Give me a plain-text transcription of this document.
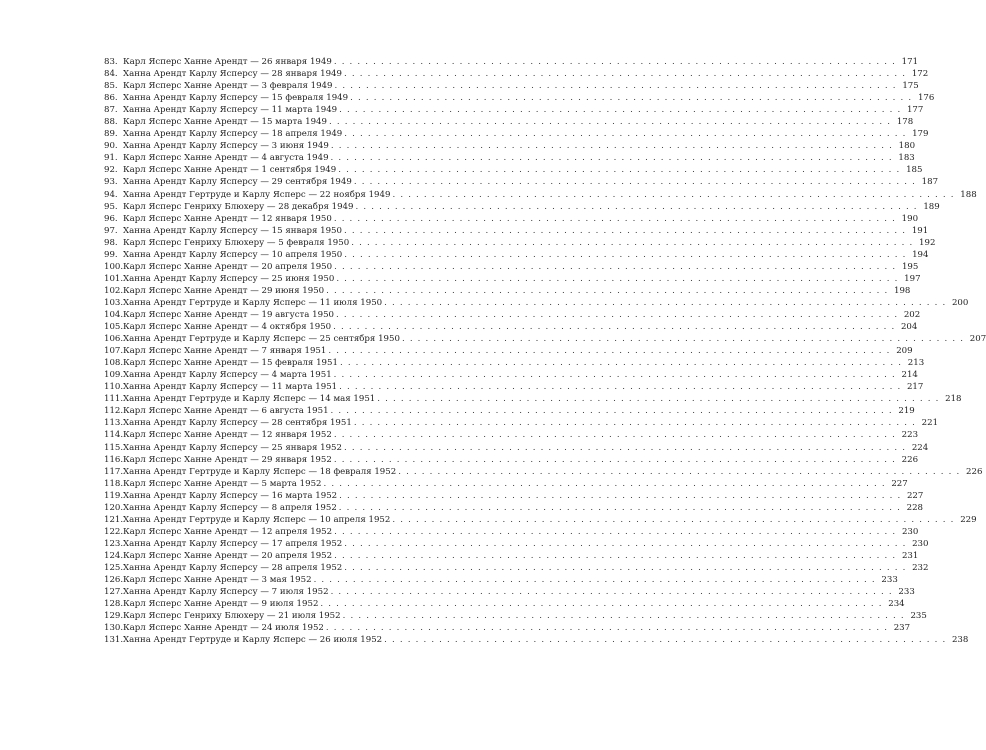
83. Карл Ясперс Ханне Арендт — 26 января 1949 . . .	171
84. Ханна Арендт Карлу Ясперсу — 28 января 1949 . . .	172
85. Карл Ясперс Ханне Арендт — 3 февраля 1949 . . .	175
86. Ханна Арендт Карлу Ясперсу — 15 февраля 1949 . . .	176
87. Ханна Арендт Карлу Ясперсу — 11 марта 1949 . . .	177
88. Карл Ясперс Ханне Арендт — 15 марта 1949 . . .	178
89. Ханна Арендт Карлу Ясперсу — 18 апреля 1949 . . .	179
90. Ханна Арендт Карлу Ясперсу — 3 июня 1949 . . .	180
91. Карл Ясперс Ханне Арендт — 4 августа 1949 . . .	183
92. Карл Ясперс Ханне Арендт — 1 сентября 1949 . . .	185
93. Ханна Арендт Карлу Ясперсу — 29 сентября 1949 . . .	187
94. Ханна Арендт Гертруде и Карлу Ясперс — 22 ноября 1949 . . .	188
95. Карл Ясперс Генриху Блюхеру — 28 декабря 1949 . . .	189
96. Карл Ясперс Ханне Арендт — 12 января 1950 . . .	190
97. Ханна Арендт Карлу Ясперсу — 15 января 1950 . . .	191
98. Карл Ясперс Генриху Блюхеру — 5 февраля 1950 . . .	192
99. Ханна Арендт Карлу Ясперсу — 10 апреля 1950 . . .	194
100. Карл Ясперс Ханне Арендт — 20 апреля 1950 . . .	195
101. Ханна Арендт Карлу Ясперсу — 25 июня 1950 . . .	197
102. Карл Ясперс Ханне Арендт — 29 июня 1950 . . .	198
103. Ханна Арендт Гертруде и Карлу Ясперс — 11 июля 1950 . . .	200
104. Карл Ясперс Ханне Арендт — 19 августа 1950 . . .	202
105. Карл Ясперс Ханне Арендт — 4 октября 1950 . . .	204
106. Ханна Арендт Гертруде и Карлу Ясперс — 25 сентября 1950 . . .	207
107. Карл Ясперс Ханне Арендт — 7 января 1951 . . .	209
108. Карл Ясперс Ханне Арендт — 15 февраля 1951 . . .	213
109. Ханна Арендт Карлу Ясперсу — 4 марта 1951 . . .	214
110. Ханна Арендт Карлу Ясперсу — 11 марта 1951 . . .	217
111. Ханна Арендт Гертруде и Карлу Ясперс — 14 мая 1951 . . .	218
112. Карл Ясперс Ханне Арендт — 6 августа 1951 . . .	219
113. Ханна Арендт Карлу Ясперсу — 28 сентября 1951 . . .	221
114. Карл Ясперс Ханне Арендт — 12 января 1952 . . .	223
115. Ханна Арендт Карлу Ясперсу — 25 января 1952 . . .	224
116. Карл Ясперс Ханне Арендт — 29 января 1952 . . .	226
117. Ханна Арендт Гертруде и Карлу Ясперс — 18 февраля 1952 . . .	226
118. Карл Ясперс Ханне Арендт — 5 марта 1952 . . .	227
119. Ханна Арендт Карлу Ясперсу — 16 марта 1952 . . .	227
120. Ханна Арендт Карлу Ясперсу — 8 апреля 1952 . . .	228
121. Ханна Арендт Гертруде и Карлу Ясперс — 10 апреля 1952 . . .	229
122. Карл Ясперс Ханне Арендт — 12 апреля 1952 . . .	230
123. Ханна Арендт Карлу Ясперсу — 17 апреля 1952 . . .	230
124. Карл Ясперс Ханне Арендт — 20 апреля 1952 . . .	231
125. Ханна Арендт Карлу Ясперсу — 28 апреля 1952 . . .	232
126. Карл Ясперс Ханне Арендт — 3 мая 1952 . . .	233
127. Ханна Арендт Карлу Ясперсу — 7 июля 1952 . . .	233
128. Карл Ясперс Ханне Арендт — 9 июля 1952 . . .	234
129. Карл Ясперс Генриху Блюхеру — 21 июля 1952 . . .	235
130. Карл Ясперс Ханне Арендт — 24 июля 1952 . . .	237
131. Ханна Арендт Гертруде и Карлу Ясперс — 26 июля 1952 . . .	238
